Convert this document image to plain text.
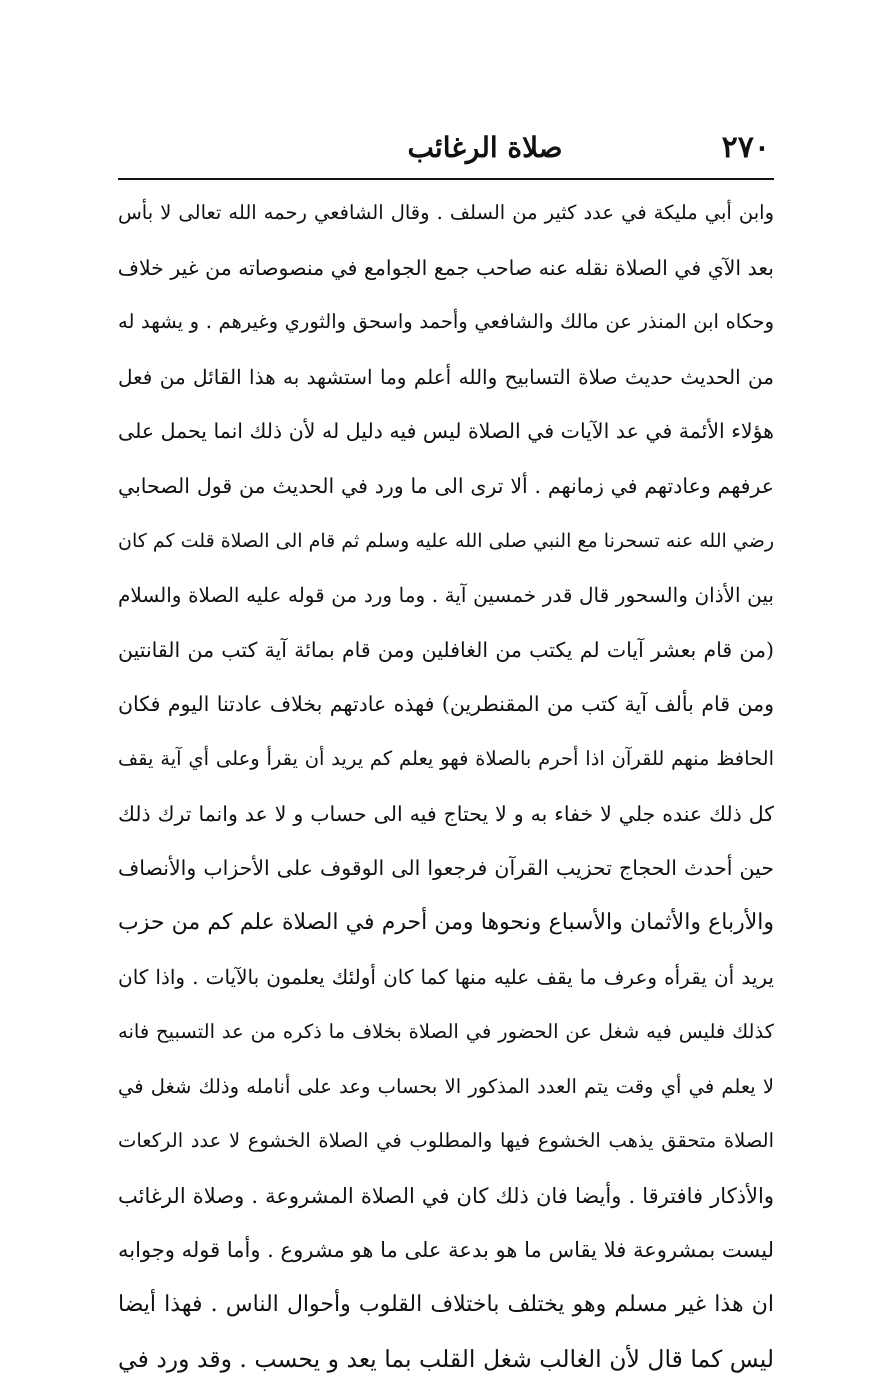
٢٧٠
صلاة الرغائب
وابن أبي مليكة في عدد كثير من السلف . وقال الشافعي رحمه الله تعالى لا بأس
بعد الآي في الصلاة نقله عنه صاحب جمع الجوامع في منصوصاته من غير خلاف
وحكاه ابن المنذر عن مالك والشافعي وأحمد واسحق والثوري وغيرهم . و يشهد له
من الحديث حديث صلاة التسابيح والله أعلم وما استشهد به هذا القائل من فعل
هؤلاء الأئمة في عد الآيات في الصلاة ليس فيه دليل له لأن ذلك انما يحمل على
عرفهم وعادتهم في زمانهم . ألا ترى الى ما ورد في الحديث من قول الصحابي
رضي الله عنه تسحرنا مع النبي صلى الله عليه وسلم ثم قام الى الصلاة قلت كم كان
بين الأذان والسحور قال قدر خمسين آية . وما ورد من قوله عليه الصلاة والسلام
(من قام بعشر آيات لم يكتب من الغافلين ومن قام بمائة آية كتب من القانتين
ومن قام بألف آية كتب من المقنطرين) فهذه عادتهم بخلاف عادتنا اليوم فكان
الحافظ منهم للقرآن اذا أحرم بالصلاة فهو يعلم كم يريد أن يقرأ وعلى أي آية يقف
كل ذلك عنده جلي لا خفاء به و لا يحتاج فيه الى حساب و لا عد وانما ترك ذلك
حين أحدث الحجاج تحزيب القرآن فرجعوا الى الوقوف على الأحزاب والأنصاف
والأرباع والأثمان والأسباع ونحوها ومن أحرم في الصلاة علم كم من حزب
يريد أن يقرأه وعرف ما يقف عليه منها كما كان أولئك يعلمون بالآيات . واذا كان
كذلك فليس فيه شغل عن الحضور في الصلاة بخلاف ما ذكره من عد التسبيح فانه
لا يعلم في أي وقت يتم العدد المذكور الا بحساب وعد على أنامله وذلك شغل في
الصلاة متحقق يذهب الخشوع فيها والمطلوب في الصلاة الخشوع لا عدد الركعات
والأذكار فافترقا . وأيضا فان ذلك كان في الصلاة المشروعة . وصلاة الرغائب
ليست بمشروعة فلا يقاس ما هو بدعة على ما هو مشروع . وأما قوله وجوابه
ان هذا غير مسلم وهو يختلف باختلاف القلوب وأحوال الناس . فهذا أيضا
ليس كما قال لأن الغالب شغل القلب بما يعد و يحسب . وقد ورد في
